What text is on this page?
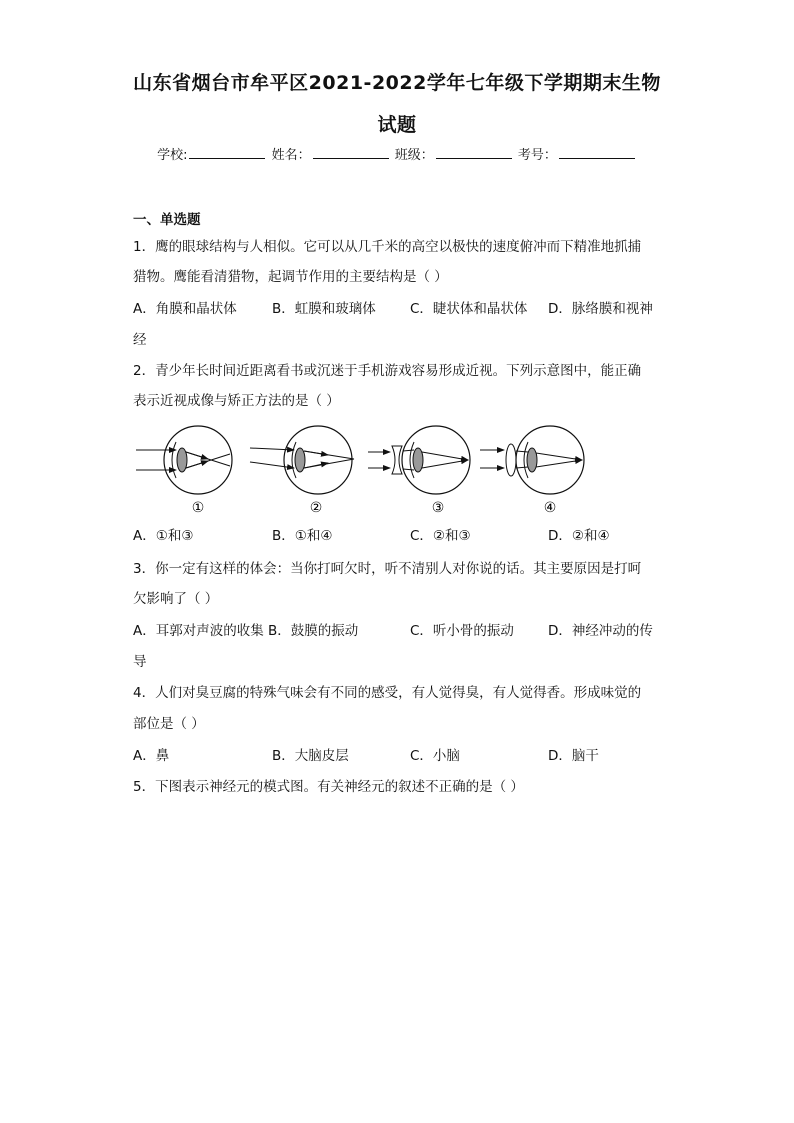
山东省烟台市牟平区2021-2022学年七年级下学期期末生物
试题
学校:	姓名：	班级：	考号：
一、单选题
1．鹰的眼球结构与人相似。它可以从几千米的高空以极快的速度俯冲而下精准地抓捕
猎物。鹰能看清猎物，起调节作用的主要结构是（ ）
A．角膜和晶状体	B．虹膜和玻璃体	C．睫状体和晶状体 D．脉络膜和视神
经
2．青少年长时间近距离看书或沉迷于手机游戏容易形成近视。下列示意图中，能正确
表示近视成像与矫正方法的是（ ）
①	②	③	④
A．①和③	B．①和④	C．②和③	D．②和④
3．你一定有这样的体会：当你打呵欠时，听不清别人对你说的话。其主要原因是打呵
欠影响了（ ）
A．耳郭对声波的收集 B．鼓膜的振动	C．听小骨的振动	D．神经冲动的传
导
4．人们对臭豆腐的特殊气味会有不同的感受，有人觉得臭，有人觉得香。形成味觉的
部位是（ ）
A．鼻	B．大脑皮层	C．小脑	D．脑干
5．下图表示神经元的模式图。有关神经元的叙述不正确的是（ ）
